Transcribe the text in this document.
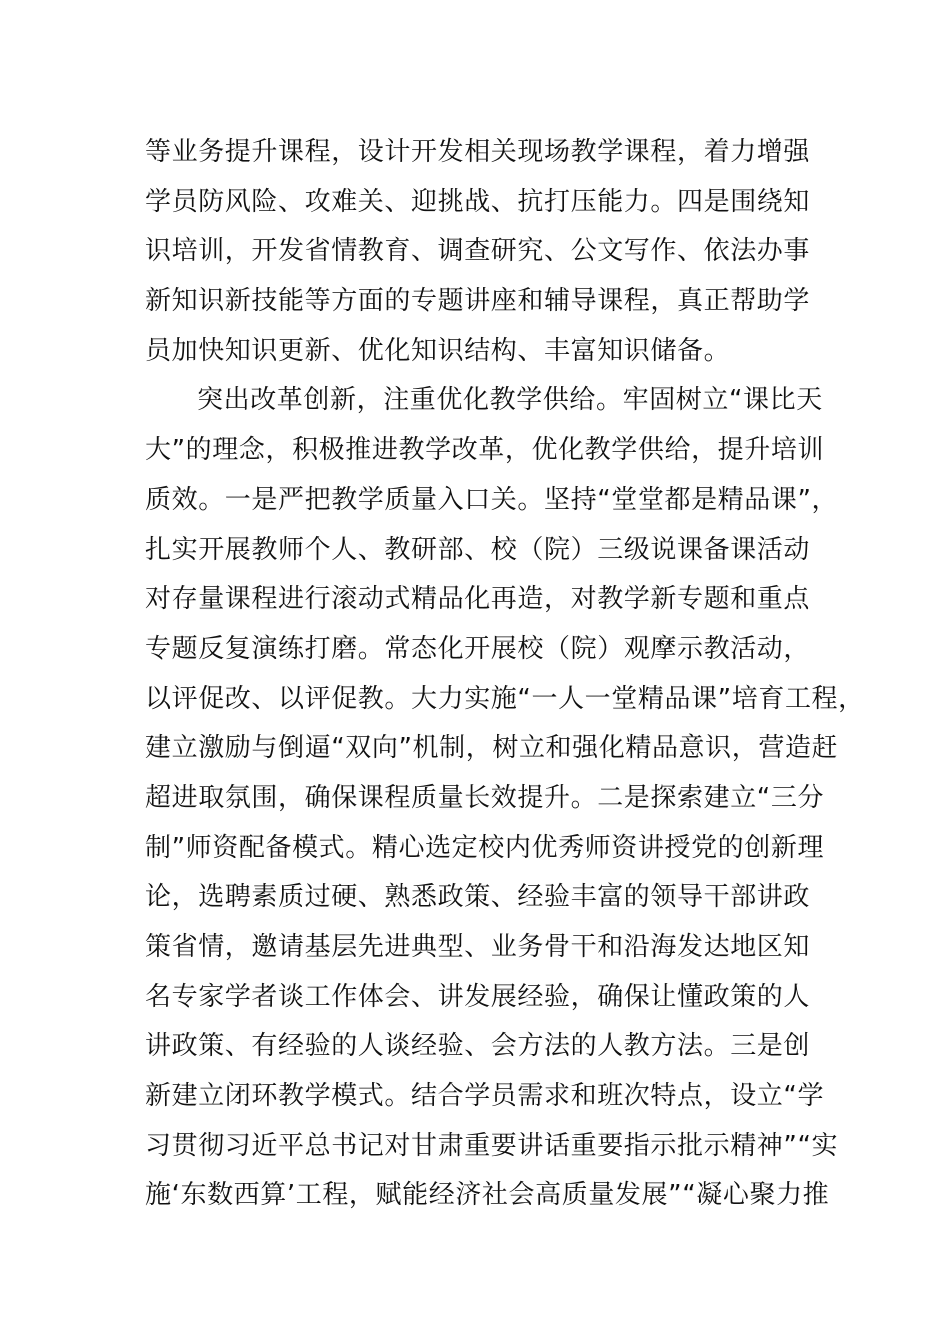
等业务提升课程，设计开发相关现场教学课程，着力增强
学员防风险、攻难关、迎挑战、抗打压能力。四是围绕知
识培训，开发省情教育、调查研究、公文写作、依法办事
新知识新技能等方面的专题讲座和辅导课程，真正帮助学
员加快知识更新、优化知识结构、丰富知识储备。
突出改革创新，注重优化教学供给。牢固树立“课比天
大”的理念，积极推进教学改革，优化教学供给，提升培训
质效。一是严把教学质量入口关。坚持“堂堂都是精品课”，
扎实开展教师个人、教研部、校（院）三级说课备课活动
对存量课程进行滚动式精品化再造，对教学新专题和重点
专题反复演练打磨。常态化开展校（院）观摩示教活动，
以评促改、以评促教。大力实施“一人一堂精品课”培育工程，
建立激励与倒逼“双向”机制，树立和强化精品意识，营造赶
超进取氛围，确保课程质量长效提升。二是探索建立“三分
制”师资配备模式。精心选定校内优秀师资讲授党的创新理
论，选聘素质过硬、熟悉政策、经验丰富的领导干部讲政
策省情，邀请基层先进典型、业务骨干和沿海发达地区知
名专家学者谈工作体会、讲发展经验，确保让懂政策的人
讲政策、有经验的人谈经验、会方法的人教方法。三是创
新建立闭环教学模式。结合学员需求和班次特点，设立“学
习贯彻习近平总书记对甘肃重要讲话重要指示批示精神”“实
施‘东数西算’工程，赋能经济社会高质量发展”“凝心聚力推
